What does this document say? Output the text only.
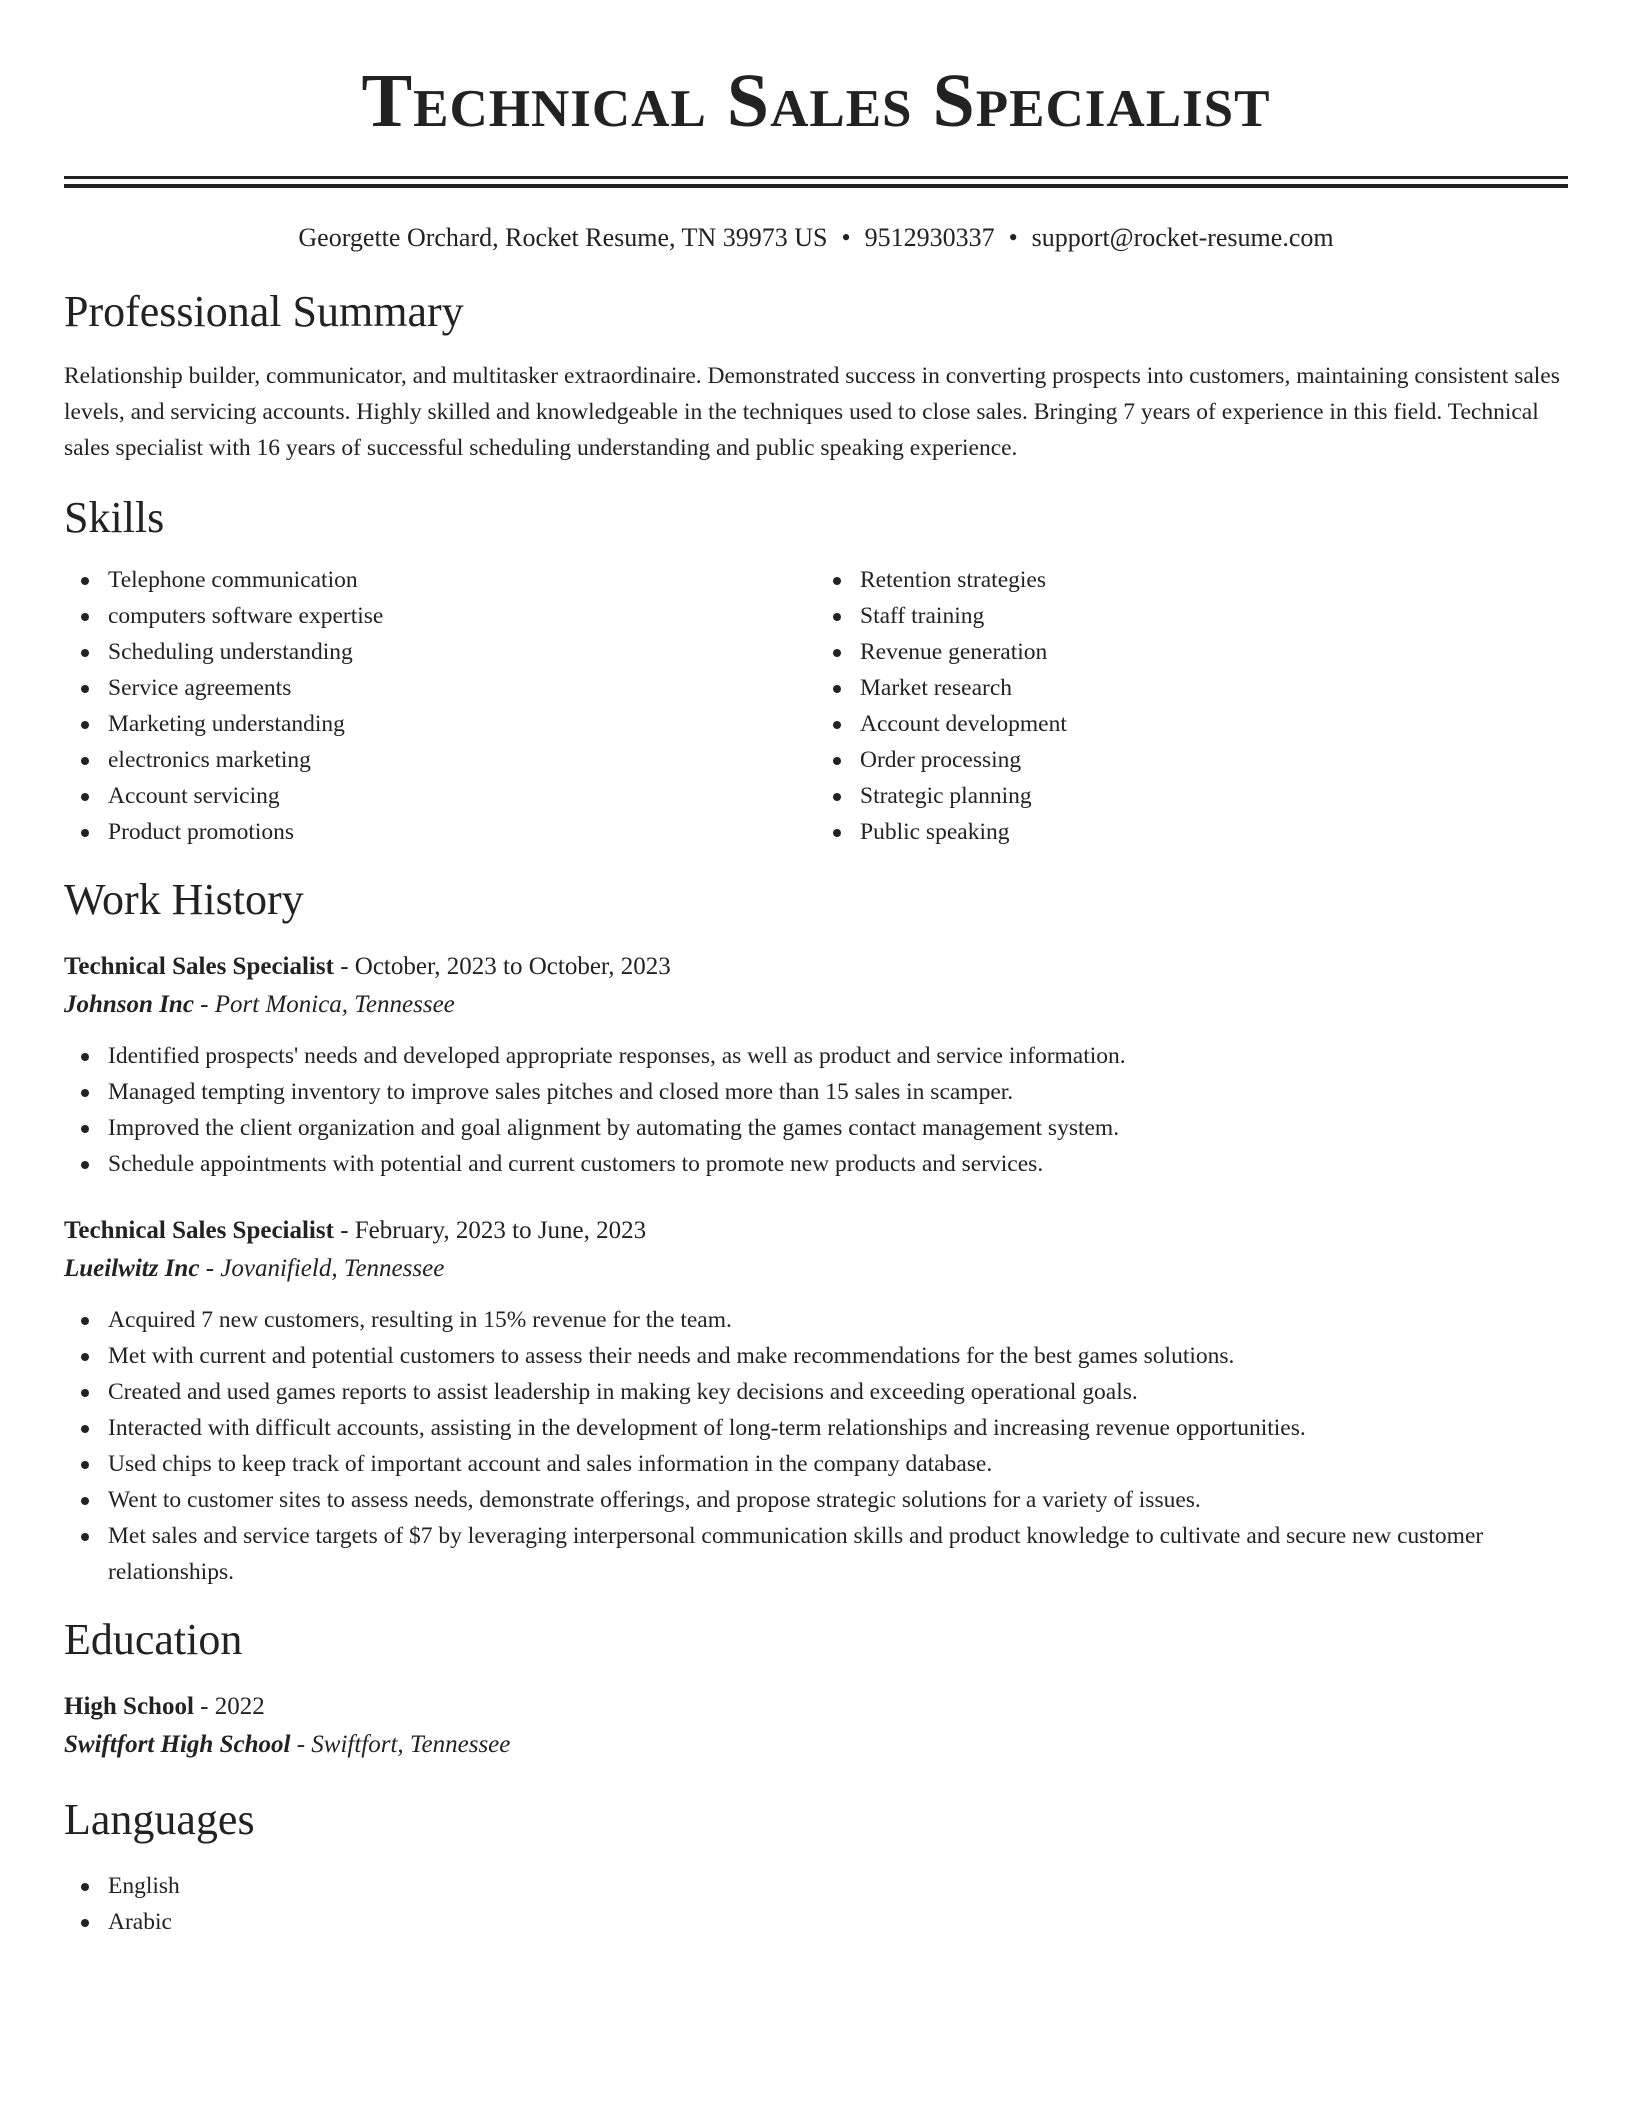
Technical Sales Specialist
Georgette Orchard, Rocket Resume, TN 39973 US • 9512930337 • support@rocket-resume.com
Professional Summary

Relationship builder, communicator, and multitasker extraordinaire. Demonstrated success in converting prospects into customers, maintaining consistent sales levels, and servicing accounts. Highly skilled and knowledgeable in the techniques used to close sales. Bringing 7 years of experience in this field. Technical sales specialist with 16 years of successful scheduling understanding and public speaking experience.

Skills
Telephone communication
computers software expertise
Scheduling understanding
Service agreements
Marketing understanding
electronics marketing
Account servicing
Product promotions
Retention strategies
Staff training
Revenue generation
Market research
Account development
Order processing
Strategic planning
Public speaking
Work History
Technical Sales Specialist - October, 2023 to October, 2023
Johnson Inc - Port Monica, Tennessee
Identified prospects' needs and developed appropriate responses, as well as product and service information.
Managed tempting inventory to improve sales pitches and closed more than 15 sales in scamper.
Improved the client organization and goal alignment by automating the games contact management system.
Schedule appointments with potential and current customers to promote new products and services.
Technical Sales Specialist - February, 2023 to June, 2023
Lueilwitz Inc - Jovanifield, Tennessee
Acquired 7 new customers, resulting in 15% revenue for the team.
Met with current and potential customers to assess their needs and make recommendations for the best games solutions.
Created and used games reports to assist leadership in making key decisions and exceeding operational goals.
Interacted with difficult accounts, assisting in the development of long-term relationships and increasing revenue opportunities.
Used chips to keep track of important account and sales information in the company database.
Went to customer sites to assess needs, demonstrate offerings, and propose strategic solutions for a variety of issues.
Met sales and service targets of $7 by leveraging interpersonal communication skills and product knowledge to cultivate and secure new customer relationships.
Education
High School - 2022
Swiftfort High School - Swiftfort, Tennessee
Languages
English
Arabic
